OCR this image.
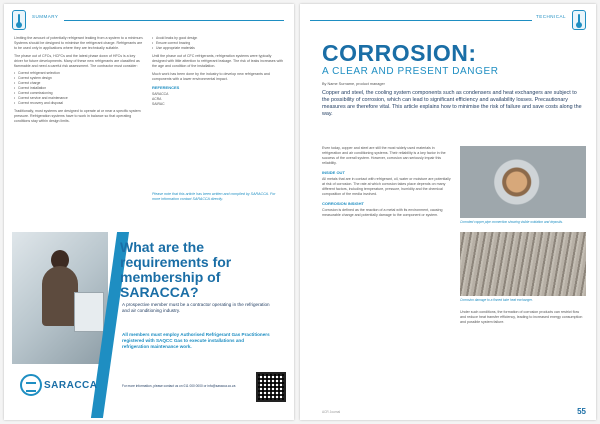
SUMMARY

Limiting the amount of potentially refrigerant leaking from a system to a minimum. Systems should be designed to minimise the refrigerant charge. Refrigerants are to be used only in applications where they are technically suitable.

The phase out of CFCs, HCFCs and the latest phase down of HFCs is a key driver for future developments. Many of these new refrigerants are classified as flammable and need a careful risk assessment. The contractor must consider:

• Correct refrigerant selection
• Correct system design
• Correct charge
• Correct installation
• Correct commissioning
• Correct service and maintenance
• Correct recovery and disposal

Traditionally, most systems are designed to operate at or near a specific system pressure. Refrigeration systems have to work in balance so that operating conditions stay within design limits.

• Avoid leaks by good design
• Ensure correct brazing
• Use appropriate materials

Until the phase out of CFC refrigerants, refrigeration systems were typically designed with little attention to refrigerant leakage. The risk of leaks increases with the age and condition of the installation.

Much work has been done by the industry to develop new refrigerants and components with a lower environmental impact.

REFERENCES
SARACCA
ACRA
SAIRAC
Please note that this article has been written and compiled by SARACCA. For more information contact SARACCA directly.
What are the requirements for membership of SARACCA?
A prospective member must be a contractor operating in the refrigeration and air conditioning industry.
All members must employ Authorised Refrigerant Gas Practitioners registered with SAQCC Gas to execute installations and refrigeration maintenance work.
SARACCA	For more information, please contact us on 011 000 0000 or info@saracca.co.za
TECHNICAL
CORROSION:
A CLEAR AND PRESENT DANGER
By Name Surname, product manager
Copper and steel, the cooling system components such as condensers and heat exchangers are subject to the possibility of corrosion, which can lead to significant efficiency and availability losses. Precautionary measures are therefore vital. This article explains how to minimise the risk of failure and save costs along the way.

Even today, copper and steel are still the most widely used materials in refrigeration and air conditioning systems. Their reliability is a key factor in the success of the overall system. However, corrosion can seriously impair this reliability.

INSIDE OUT

All metals that are in contact with refrigerant, oil, water or moisture are potentially at risk of corrosion. The rate at which corrosion takes place depends on many different factors, including temperature, pressure, humidity and the chemical composition of the media involved.

CORROSION INSIGHT

Corrosion is defined as the reaction of a metal with its environment, causing measurable change and potentially damage to the component or system.

Corroded copper pipe connection showing visible oxidation and deposits.
Corrosion damage to a finned tube heat exchanger.

Under such conditions, the formation of corrosion products can restrict flow and reduce heat transfer efficiency, leading to increased energy consumption and possible system failure.

ACR Journal	55
